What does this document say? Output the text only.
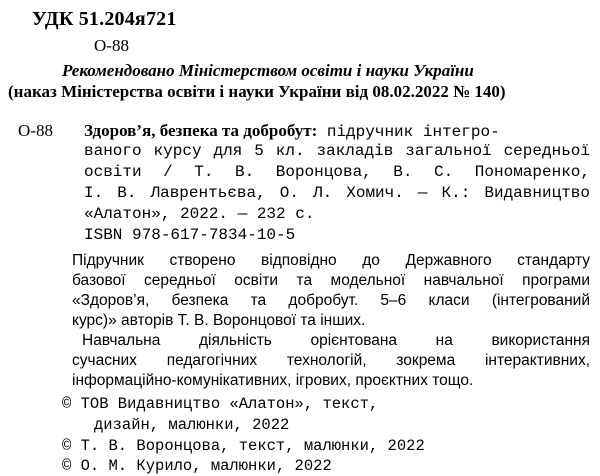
УДК 51.204я721
О-88
Рекомендовано Міністерством освіти і науки України
(наказ Міністерства освіти і науки України від 08.02.2022 № 140)
О-88 Здоров’я, безпека та добробут: підручник інтегро-
ваного курсу для 5 кл. закладів загальної середньої
освіти / Т. В. Воронцова, В. С. Пономаренко,
І. В. Лаврентьєва, О. Л. Хомич. — К.: Видавництво
«Алатон», 2022. — 232 с.
ISBN 978-617-7834-10-5
Підручник створено відповідно до Державного стандарту
базової середньої освіти та модельної навчальної програми
«Здоров’я, безпека та добробут. 5–6 класи (інтегрований
курс)» авторів Т. В. Воронцової та інших.
Навчальна діяльність орієнтована на використання
сучасних педагогічних технологій, зокрема інтерактивних,
інформаційно-комунікативних, ігрових, проєктних тощо.
© ТОВ Видавництво «Алатон», текст,
дизайн, малюнки, 2022
© Т. В. Воронцова, текст, малюнки, 2022
© О. М. Курило, малюнки, 2022
